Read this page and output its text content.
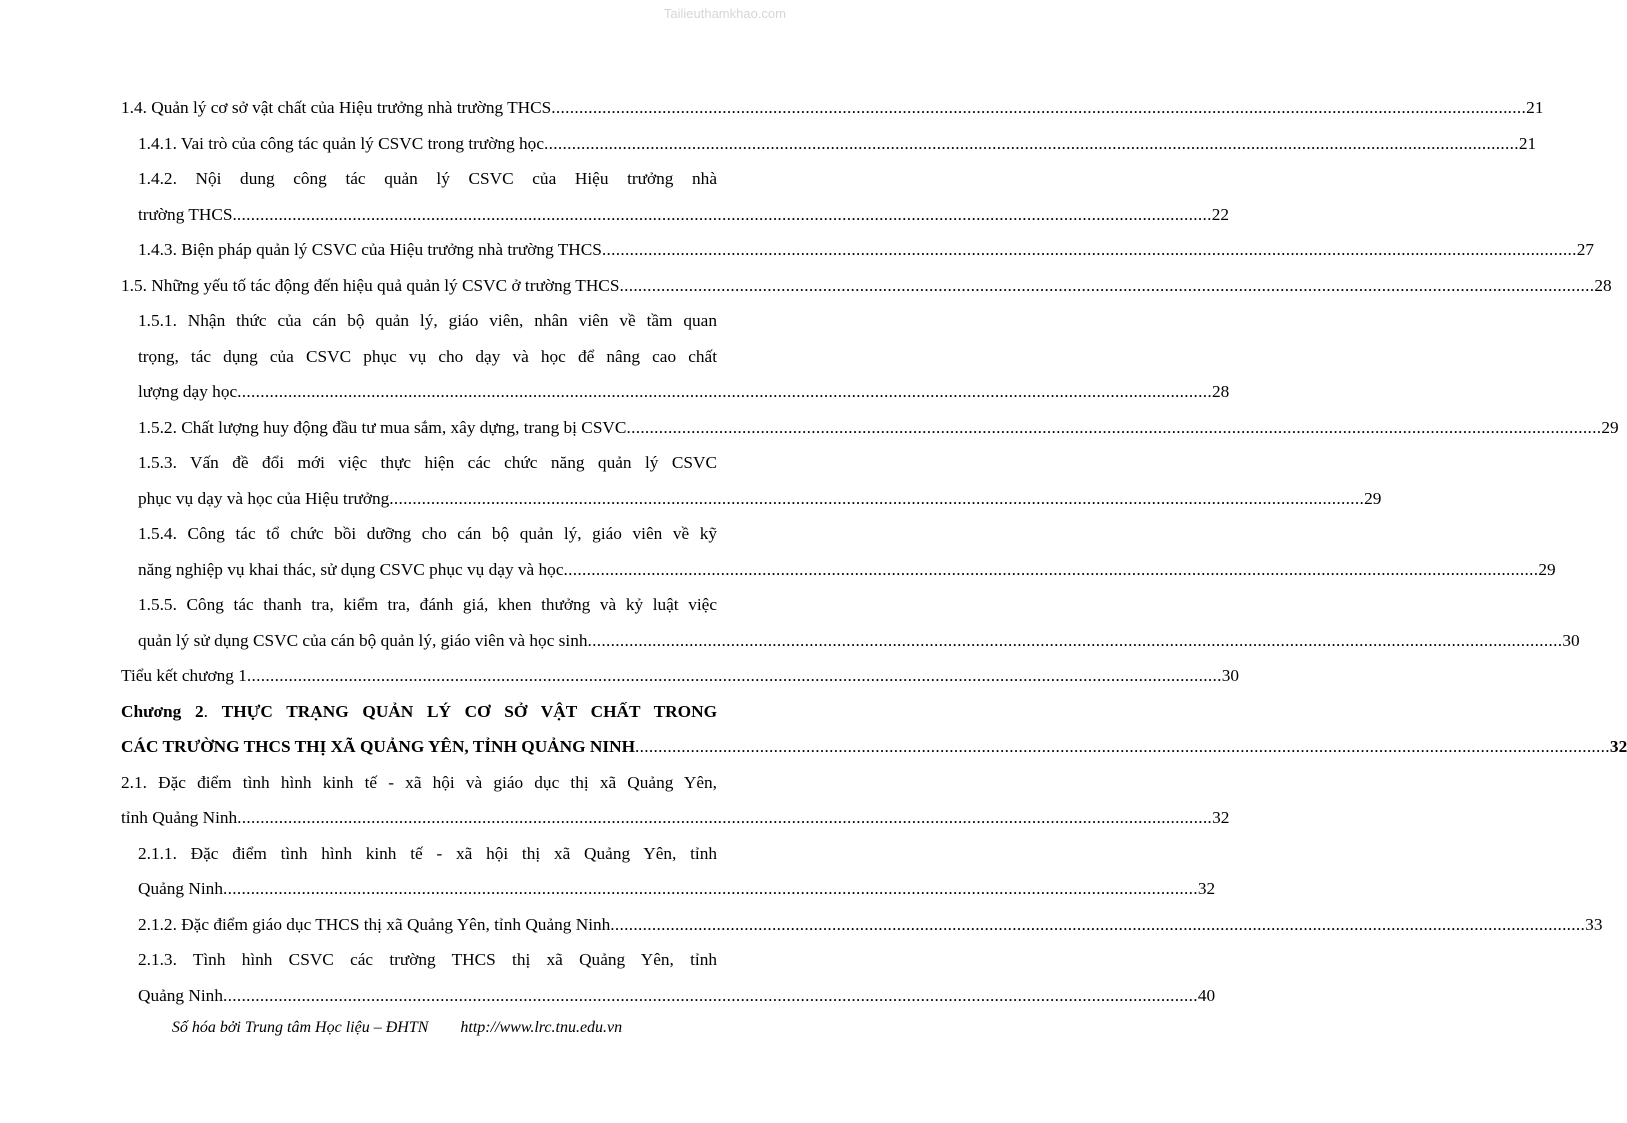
Tailieuthamkhao.com
1.4. Quản lý cơ sở vật chất của Hiệu trưởng nhà trường THCS .....	21
1.4.1. Vai trò của công tác quản lý CSVC trong trường học .....	21
1.4.2. Nội dung công tác quản lý CSVC của Hiệu trưởng nhà
trường THCS. .....	22
1.4.3. Biện pháp quản lý CSVC của Hiệu trưởng nhà trường THCS .....	27
1.5. Những yếu tố tác động đến hiệu quả quản lý CSVC ở trường THCS .....	28
1.5.1. Nhận thức của cán bộ quản lý, giáo viên, nhân viên về tầm quan
trọng, tác dụng của CSVC phục vụ cho dạy và học để nâng cao chất
lượng dạy học .....	28
1.5.2. Chất lượng huy động đầu tư mua sắm, xây dựng, trang bị CSVC .....	29
1.5.3. Vấn đề đổi mới việc thực hiện các chức năng quản lý CSVC
phục vụ dạy và học của Hiệu trưởng .....	29
1.5.4. Công tác tổ chức bồi dưỡng cho cán bộ quản lý, giáo viên về kỹ
năng nghiệp vụ khai thác, sử dụng CSVC phục vụ dạy và học .....	29
1.5.5. Công tác thanh tra, kiểm tra, đánh giá, khen thưởng và kỷ luật việc
quản lý sử dụng CSVC của cán bộ quản lý, giáo viên và học sinh .....	30
Tiểu kết chương 1 .....	30
Chương 2. THỰC TRẠNG QUẢN LÝ CƠ SỞ VẬT CHẤT TRONG
CÁC TRƯỜNG THCS THỊ XÃ QUẢNG YÊN, TỈNH QUẢNG NINH .....	32
2.1. Đặc điểm tình hình kinh tế - xã hội và giáo dục thị xã Quảng Yên,
tỉnh Quảng Ninh .....	32
2.1.1. Đặc điểm tình hình kinh tế - xã hội thị xã Quảng Yên, tỉnh
Quảng Ninh .....	32
2.1.2. Đặc điểm giáo dục THCS thị xã Quảng Yên, tỉnh Quảng Ninh .....	33
2.1.3. Tình hình CSVC các trường THCS thị xã Quảng Yên, tỉnh
Quảng Ninh .....	40
Số hóa bởi Trung tâm Học liệu – ĐHTN http://www.lrc.tnu.edu.vn
